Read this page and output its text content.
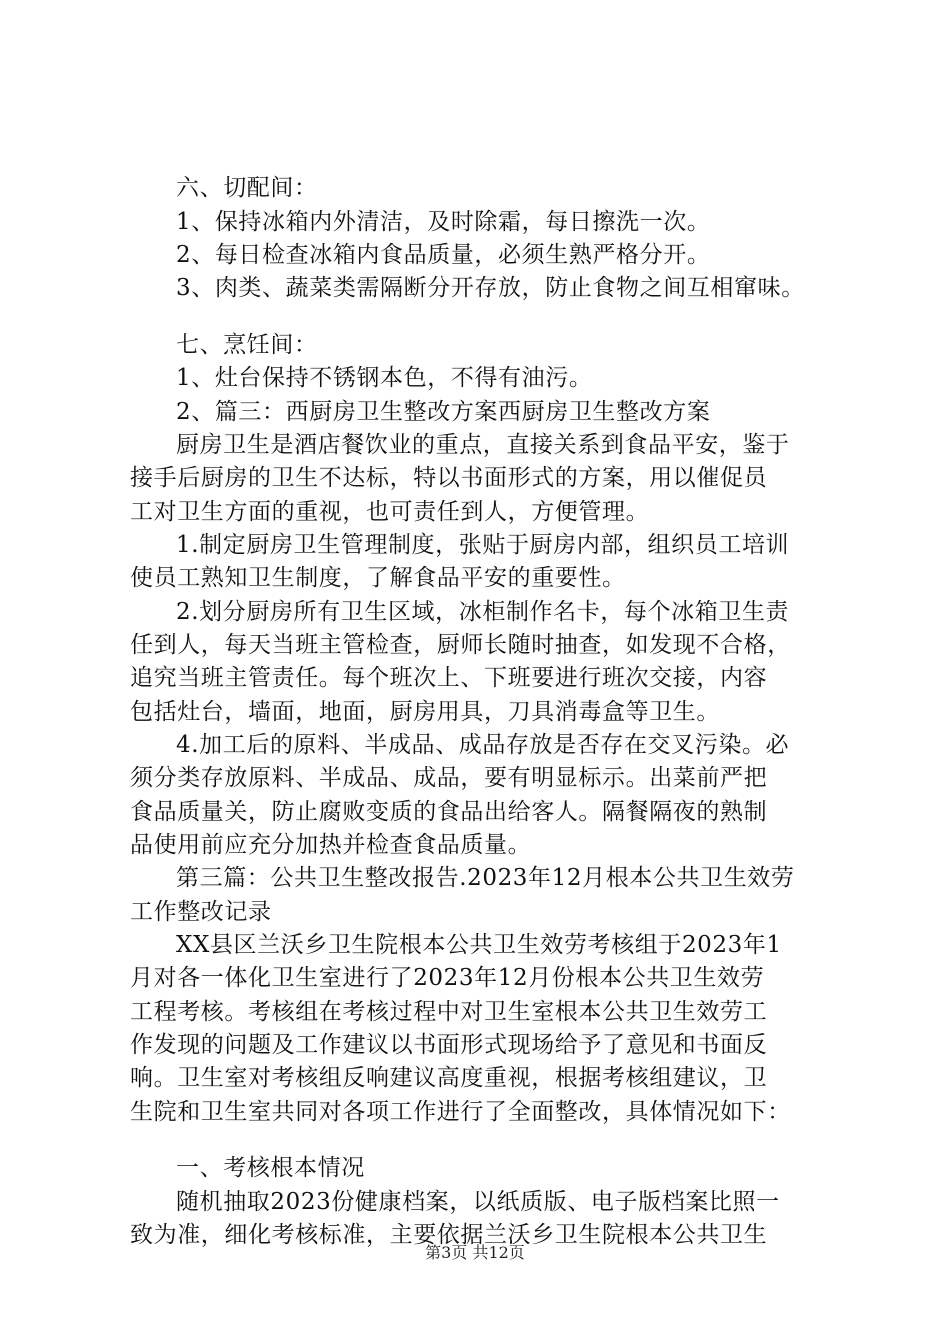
六、切配间：
1、保持冰箱内外清洁，及时除霜，每日擦洗一次。
2、每日检查冰箱内食品质量，必须生熟严格分开。
3、肉类、蔬菜类需隔断分开存放，防止食物之间互相窜味。
七、烹饪间：
1、灶台保持不锈钢本色，不得有油污。
2、篇三：西厨房卫生整改方案西厨房卫生整改方案
厨房卫生是酒店餐饮业的重点，直接关系到食品平安，鉴于
接手后厨房的卫生不达标，特以书面形式的方案，用以催促员
工对卫生方面的重视，也可责任到人，方便管理。
1.制定厨房卫生管理制度，张贴于厨房内部，组织员工培训
使员工熟知卫生制度，了解食品平安的重要性。
2.划分厨房所有卫生区域，冰柜制作名卡，每个冰箱卫生责
任到人，每天当班主管检查，厨师长随时抽查，如发现不合格，
追究当班主管责任。每个班次上、下班要进行班次交接，内容
包括灶台，墙面，地面，厨房用具，刀具消毒盒等卫生。
4.加工后的原料、半成品、成品存放是否存在交叉污染。必
须分类存放原料、半成品、成品，要有明显标示。出菜前严把
食品质量关，防止腐败变质的食品出给客人。隔餐隔夜的熟制
品使用前应充分加热并检查食品质量。
第三篇：公共卫生整改报告.2023年12月根本公共卫生效劳
工作整改记录
XX县区兰沃乡卫生院根本公共卫生效劳考核组于2023年1
月对各一体化卫生室进行了2023年12月份根本公共卫生效劳
工程考核。考核组在考核过程中对卫生室根本公共卫生效劳工
作发现的问题及工作建议以书面形式现场给予了意见和书面反
响。卫生室对考核组反响建议高度重视，根据考核组建议，卫
生院和卫生室共同对各项工作进行了全面整改，具体情况如下：
一、考核根本情况
随机抽取2023份健康档案，以纸质版、电子版档案比照一
致为准，细化考核标准，主要依据兰沃乡卫生院根本公共卫生
第3页 共12页
